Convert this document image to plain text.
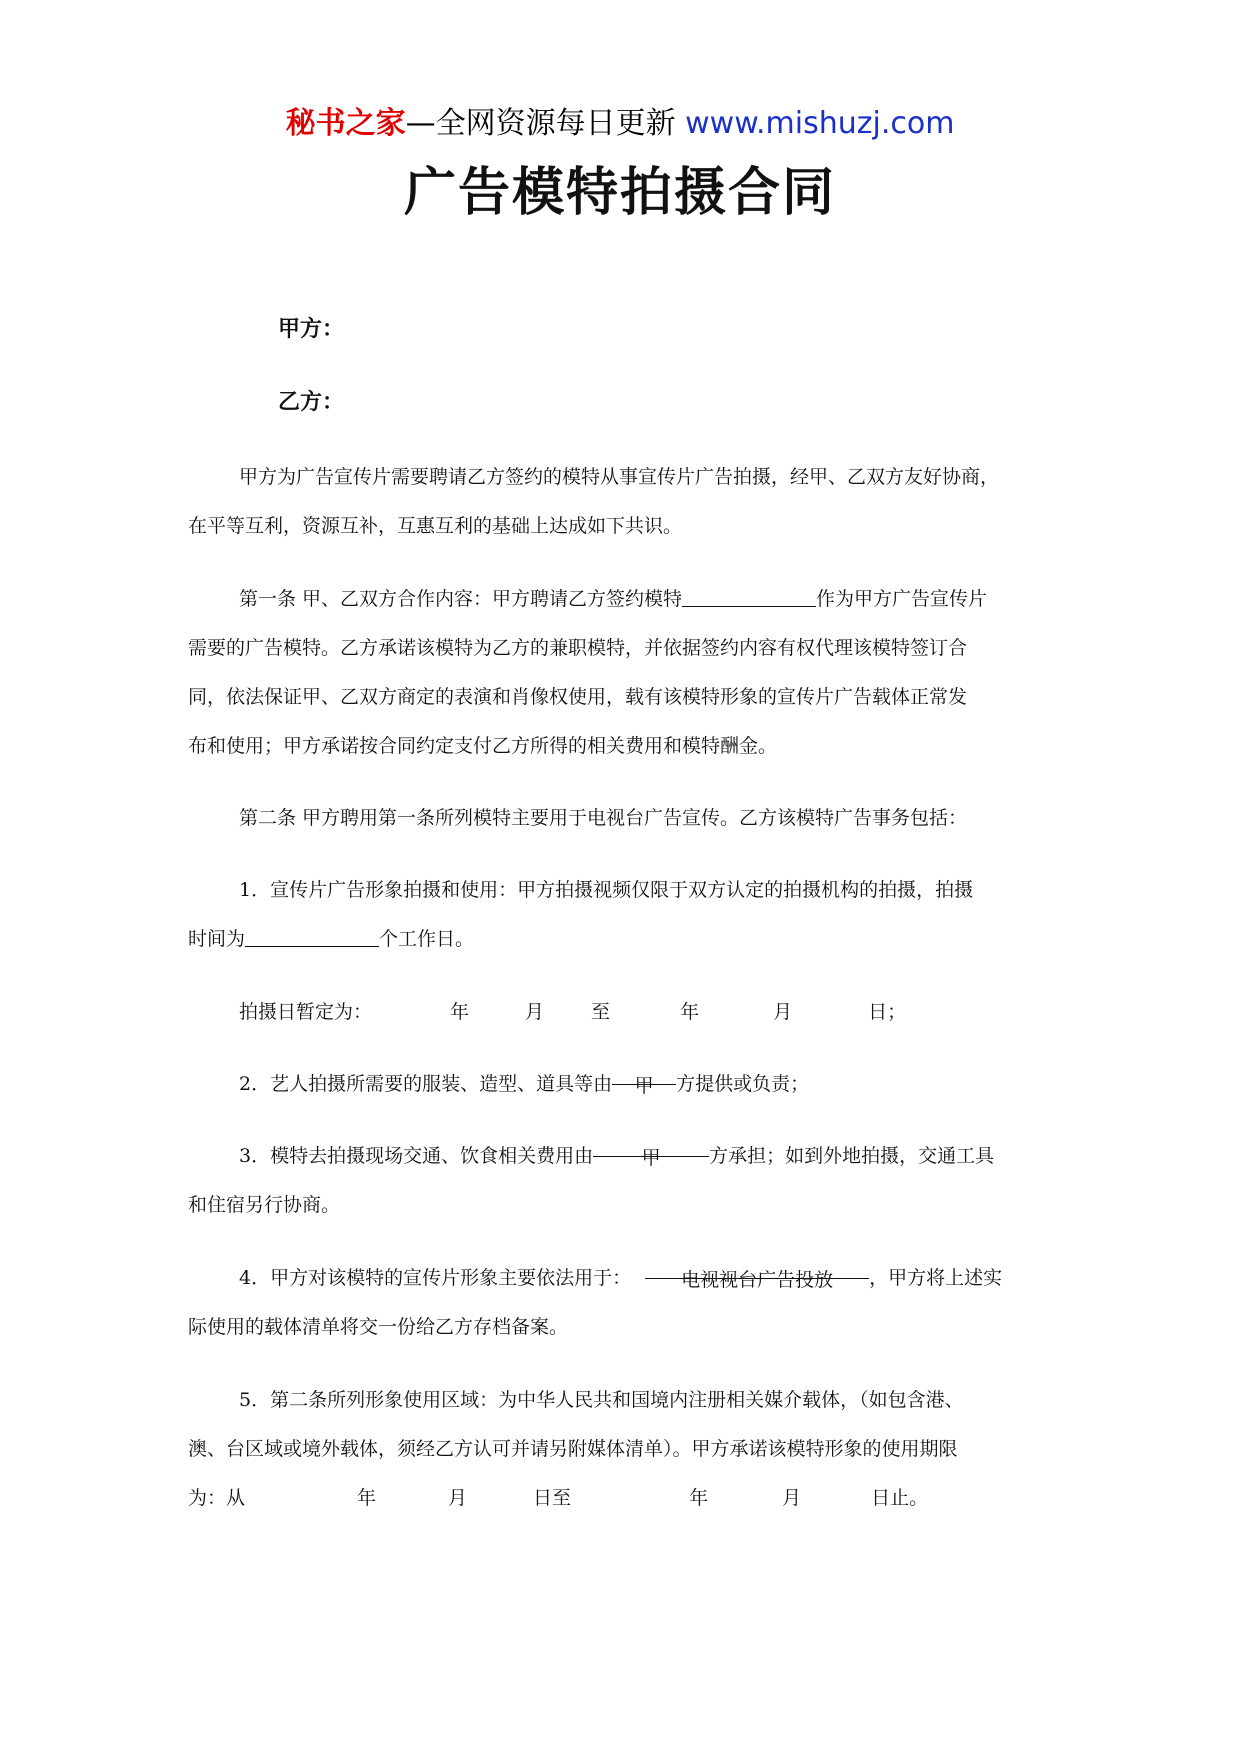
秘书之家—全网资源每日更新 www.mishuzj.com
广告模特拍摄合同
甲方：
乙方：

甲方为广告宣传片需要聘请乙方签约的模特从事宣传片广告拍摄，经甲、乙双方友好协商，

在平等互利，资源互补，互惠互利的基础上达成如下共识。

第一条 甲、乙双方合作内容：甲方聘请乙方签约模特	作为甲方广告宣传片

需要的广告模特。乙方承诺该模特为乙方的兼职模特，并依据签约内容有权代理该模特签订合

同，依法保证甲、乙双方商定的表演和肖像权使用，载有该模特形象的宣传片广告载体正常发

布和使用；甲方承诺按合同约定支付乙方所得的相关费用和模特酬金。

第二条 甲方聘用第一条所列模特主要用于电视台广告宣传。乙方该模特广告事务包括：

1．宣传片广告形象拍摄和使用：甲方拍摄视频仅限于双方认定的拍摄机构的拍摄，拍摄

时间为	个工作日。

拍摄日暂定为：	年	月 至	年	月	日；

2．艺人拍摄所需要的服装、造型、道具等由 甲 方提供或负责；

3．模特去拍摄现场交通、饮食相关费用由	甲	方承担；如到外地拍摄，交通工具

和住宿另行协商。

4．甲方对该模特的宣传片形象主要依法用于：	电视视台广告投放 ，甲方将上述实

际使用的载体清单将交一份给乙方存档备案。

5．第二条所列形象使用区域：为中华人民共和国境内注册相关媒介载体，（如包含港、

澳、台区域或境外载体，须经乙方认可并请另附媒体清单）。甲方承诺该模特形象的使用期限

为：从	年	月	日至	年	月	日止。
